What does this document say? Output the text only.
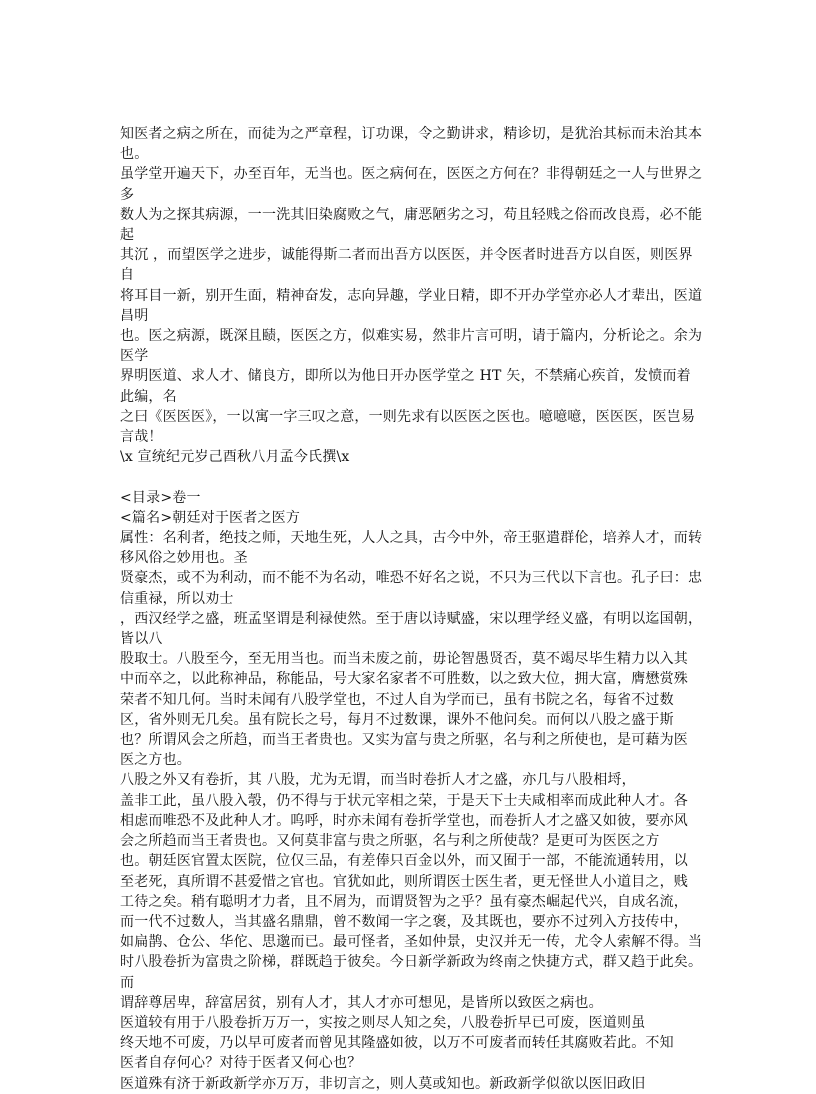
知医者之病之所在，而徒为之严章程，订功课，令之勤讲求，精诊切，是犹治其标而未治其本也。
虽学堂开遍天下，办至百年，无当也。医之病何在，医医之方何在？非得朝廷之一人与世界之多
数人为之探其病源，一一洗其旧染腐败之气，庸恶陋劣之习，苟且轻贱之俗而改良焉，必不能起
其沉 ，而望医学之进步，诚能得斯二者而出吾方以医医，并令医者时进吾方以自医，则医界自
将耳目一新，别开生面，精神奋发，志向异趣，学业日精，即不开办学堂亦必人才辈出，医道昌明
也。医之病源，既深且赜，医医之方，似难实易，然非片言可明，请于篇内，分析论之。余为医学
界明医道、求人才、储良方，即所以为他日开办医学堂之 HT 矢，不禁痛心疾首，发愤而着此编，名
之曰《医医医》，一以寓一字三叹之意，一则先求有以医医之医也。噫噫噫，医医医，医岂易言哉！
\x 宣统纪元岁己酉秋八月孟今氏撰\x
<目录>卷一
<篇名>朝廷对于医者之医方
属性：名利者，绝技之师，天地生死，人人之具，古今中外，帝王驱遣群伦，培养人才，而转移风俗之妙用也。圣
贤豪杰，或不为利动，而不能不为名动，唯恐不好名之说，不只为三代以下言也。孔子曰：忠信重禄，所以劝士
，西汉经学之盛，班孟坚谓是利禄使然。至于唐以诗赋盛，宋以理学经义盛，有明以迄国朝，皆以八
股取士。八股至今，至无用当也。而当未废之前，毋论智愚贤否，莫不竭尽毕生精力以入其
中而卒之，以此称神品，称能品，号大家名家者不可胜数，以之致大位，拥大富，膺懋赏殊
荣者不知几何。当时未闻有八股学堂也，不过人自为学而已，虽有书院之名，每省不过数
区，省外则无几矣。虽有院长之号，每月不过数课，课外不他问矣。而何以八股之盛于斯
也？所谓风会之所趋，而当王者贵也。又实为富与贵之所驱，名与利之所使也，是可藉为医
医之方也。
八股之外又有卷折，其 八股，尤为无谓，而当时卷折人才之盛，亦几与八股相埒，
盖非工此，虽八股入彀，仍不得与于状元宰相之荣，于是天下士夫咸相率而成此种人才。各
相虑而唯恐不及此种人才。呜呼，时亦未闻有卷折学堂也，而卷折人才之盛又如彼，要亦风
会之所趋而当王者贵也。又何莫非富与贵之所驱，名与利之所使哉？是更可为医医之方
也。朝廷医官置太医院，位仅三品，有差俸只百金以外，而又囿于一部，不能流通转用，以
至老死，真所谓不甚爱惜之官也。官犹如此，则所谓医士医生者，更无怪世人小道目之，贱
工待之矣。稍有聪明才力者，且不屑为，而谓贤智为之乎？虽有豪杰崛起代兴，自成名流，
而一代不过数人，当其盛名鼎鼎，曾不数闻一字之褒，及其既也，要亦不过列入方技传中，
如扁鹊、仓公、华佗、思邈而已。最可怪者，圣如仲景，史汉并无一传，尤令人索解不得。当
时八股卷折为富贵之阶梯，群既趋于彼矣。今日新学新政为终南之快捷方式，群又趋于此矣。而
谓辞尊居卑，辞富居贫，别有人才，其人才亦可想见，是皆所以致医之病也。
医道较有用于八股卷折万万一，实按之则尽人知之矣，八股卷折早已可废，医道则虽
终天地不可废，乃以早可废者而曾见其隆盛如彼，以万不可废者而转任其腐败若此。不知
医者自存何心？对待于医者又何心也？
医道殊有济于新政新学亦万万，非切言之，则人莫或知也。新政新学似欲以医旧政旧
